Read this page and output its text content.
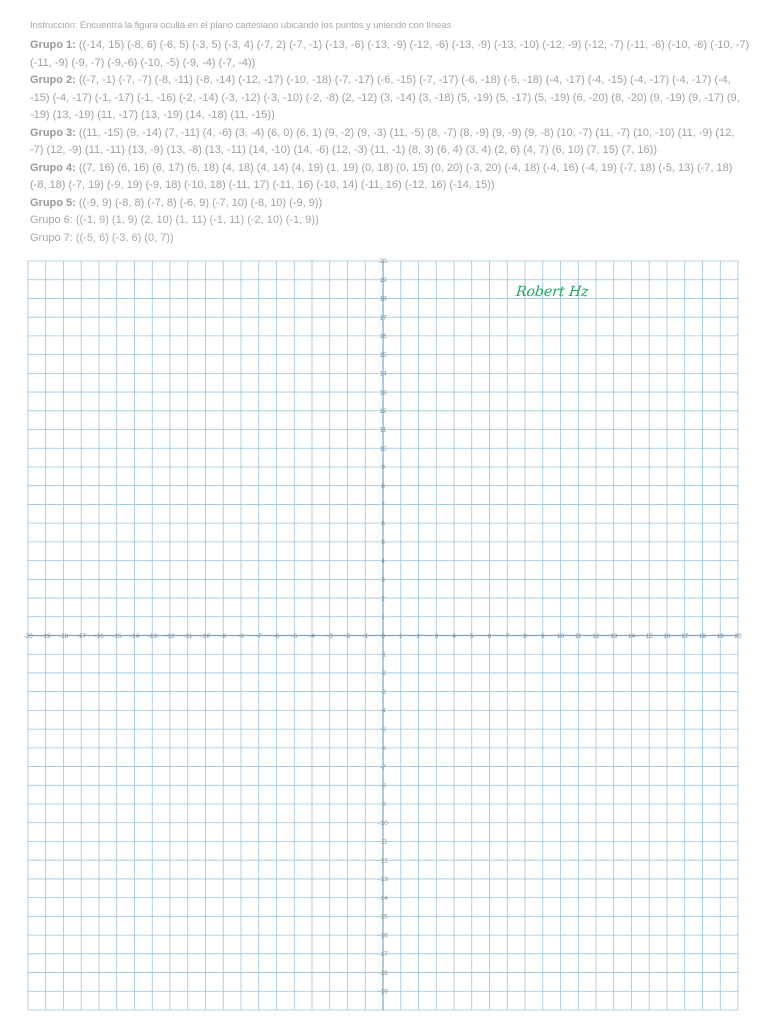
Instrucción: Encuentra la figura oculta en el plano cartesiano ubicando los puntos y uniendo con líneas

Grupo 1: ((-14, 15) (-8, 6) (-6, 5) (-3, 5) (-3, 4) (-7, 2) (-7, -1) (-13, -6) (-13, -9) (-12, -6) (-13, -9) (-13, -10) (-12, -9) (-12, -7) (-11, -6) (-10, -6) (-10, -7) (-11, -9) (-9, -7) (-9,-6) (-10, -5) (-9, -4) (-7, -4))

Grupo 2: ((-7, -1) (-7, -7) (-8, -11) (-8, -14) (-12, -17) (-10, -18) (-7, -17) (-6, -15) (-7, -17) (-6, -18) (-5, -18) (-4, -17) (-4, -15) (-4, -17) (-4, -17) (-4, -15) (-4, -17) (-1, -17) (-1, -16) (-2, -14) (-3, -12) (-3, -10) (-2, -8) (2, -12) (3, -14) (3, -18) (5, -19) (5, -17) (5, -19) (6, -20) (8, -20) (9, -19) (9, -17) (9, -19) (13, -19) (11, -17) (13, -19) (14, -18) (11, -15))

Grupo 3: ((11, -15) (9, -14) (7, -11) (4, -6) (3, -4) (6, 0) (6, 1) (9, -2) (9, -3) (11, -5) (8, -7) (8, -9) (9, -9) (9, -8) (10, -7) (11, -7) (10, -10) (11, -9) (12, -7) (12, -9) (11, -11) (13, -9) (13, -8) (13, -11) (14, -10) (14, -6) (12, -3) (11, -1) (8, 3) (6, 4) (3, 4) (2, 6) (4, 7) (6, 10) (7, 15) (7, 16))

Grupo 4: ((7, 16) (6, 16) (6, 17) (5, 18) (4, 18) (4, 14) (4, 19) (1, 19) (0, 18) (0, 15) (0, 20) (-3, 20) (-4, 18) (-4, 16) (-4, 19) (-7, 18) (-5, 13) (-7, 18) (-8, 18) (-7, 19) (-9, 19) (-9, 18) (-10, 18) (-11, 17) (-11, 16) (-10, 14) (-11, 16) (-12, 16) (-14, 15))

Grupo 5: ((-9, 9) (-8, 8) (-7, 8) (-6, 9) (-7, 10) (-8, 10) (-9, 9))

Grupo 6: ((-1, 9) (1, 9) (2, 10) (1, 11) (-1, 11) (-2, 10) (-1, 9))

Grupo 7: ((-5, 6) (-3, 6) (0, 7))

-20 -19 -18 -17 -16 -15 -14 -13 -12 -11 -10 -9 -8 -7 -6 -5 -4 -3 -2 -1 0 1 2 3 4 5 6 7 8 9 10 11 12 13 14 15 16 17 18 19 20
20
19
18
17
16
15
14
13
12
11
10
9
8
7
6
5
4
3
2
1
-1
-2
-3
-4
-5
-6
-7
-8
-9
-10
-11
-12
-13
-14
-15
-16
-17
-18
-19
Robert Hz
